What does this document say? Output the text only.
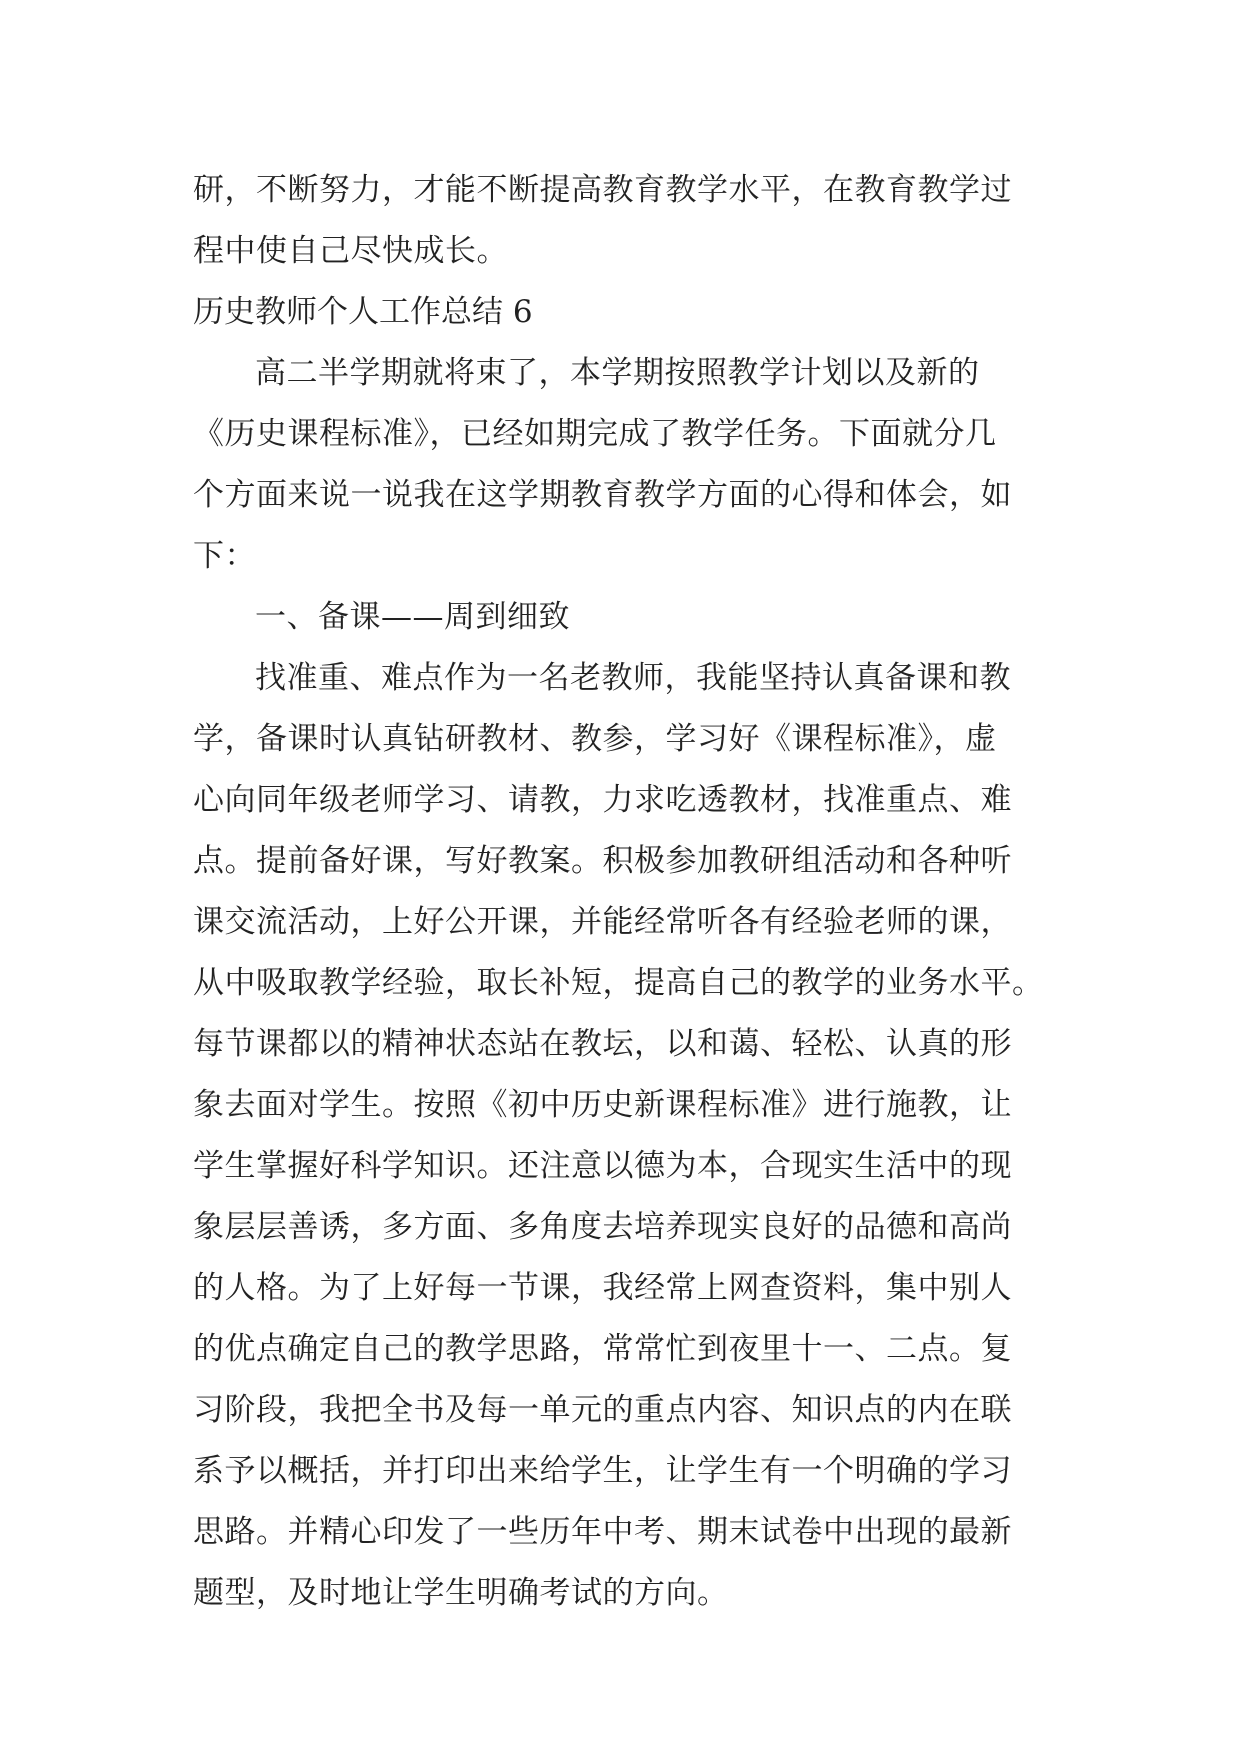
研，不断努力，才能不断提高教育教学水平，在教育教学过
程中使自己尽快成长。
历史教师个人工作总结 6
高二半学期就将束了，本学期按照教学计划以及新的
《历史课程标准》，已经如期完成了教学任务。下面就分几
个方面来说一说我在这学期教育教学方面的心得和体会，如
下：
一、备课——周到细致
找准重、难点作为一名老教师，我能坚持认真备课和教
学，备课时认真钻研教材、教参，学习好《课程标准》，虚
心向同年级老师学习、请教，力求吃透教材，找准重点、难
点。提前备好课，写好教案。积极参加教研组活动和各种听
课交流活动，上好公开课，并能经常听各有经验老师的课，
从中吸取教学经验，取长补短，提高自己的教学的业务水平。
每节课都以的精神状态站在教坛，以和蔼、轻松、认真的形
象去面对学生。按照《初中历史新课程标准》进行施教，让
学生掌握好科学知识。还注意以德为本，合现实生活中的现
象层层善诱，多方面、多角度去培养现实良好的品德和高尚
的人格。为了上好每一节课，我经常上网查资料，集中别人
的优点确定自己的教学思路，常常忙到夜里十一、二点。复
习阶段，我把全书及每一单元的重点内容、知识点的内在联
系予以概括，并打印出来给学生，让学生有一个明确的学习
思路。并精心印发了一些历年中考、期末试卷中出现的最新
题型，及时地让学生明确考试的方向。
